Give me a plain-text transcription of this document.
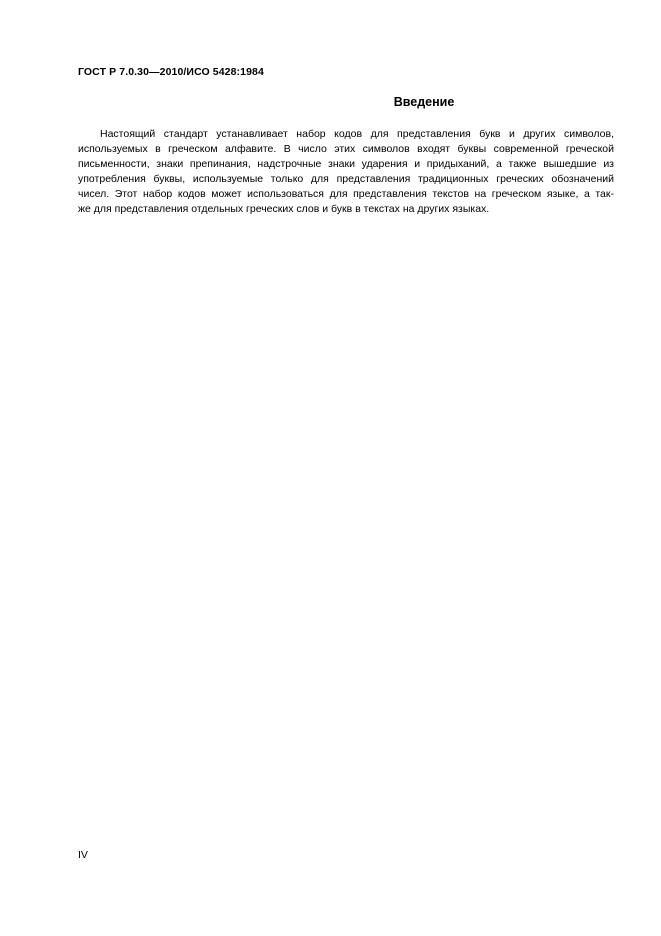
ГОСТ Р 7.0.30—2010/ИСО 5428:1984
Введение
Настоящий стандарт устанавливает набор кодов для представления букв и других символов,
используемых в греческом алфавите. В число этих символов входят буквы современной греческой
письменности, знаки препинания, надстрочные знаки ударения и придыханий, а также вышедшие из
употребления буквы, используемые только для представления традиционных греческих обозначений
чисел. Этот набор кодов может использоваться для представления текстов на греческом языке, а так-
же для представления отдельных греческих слов и букв в текстах на других языках.
IV
